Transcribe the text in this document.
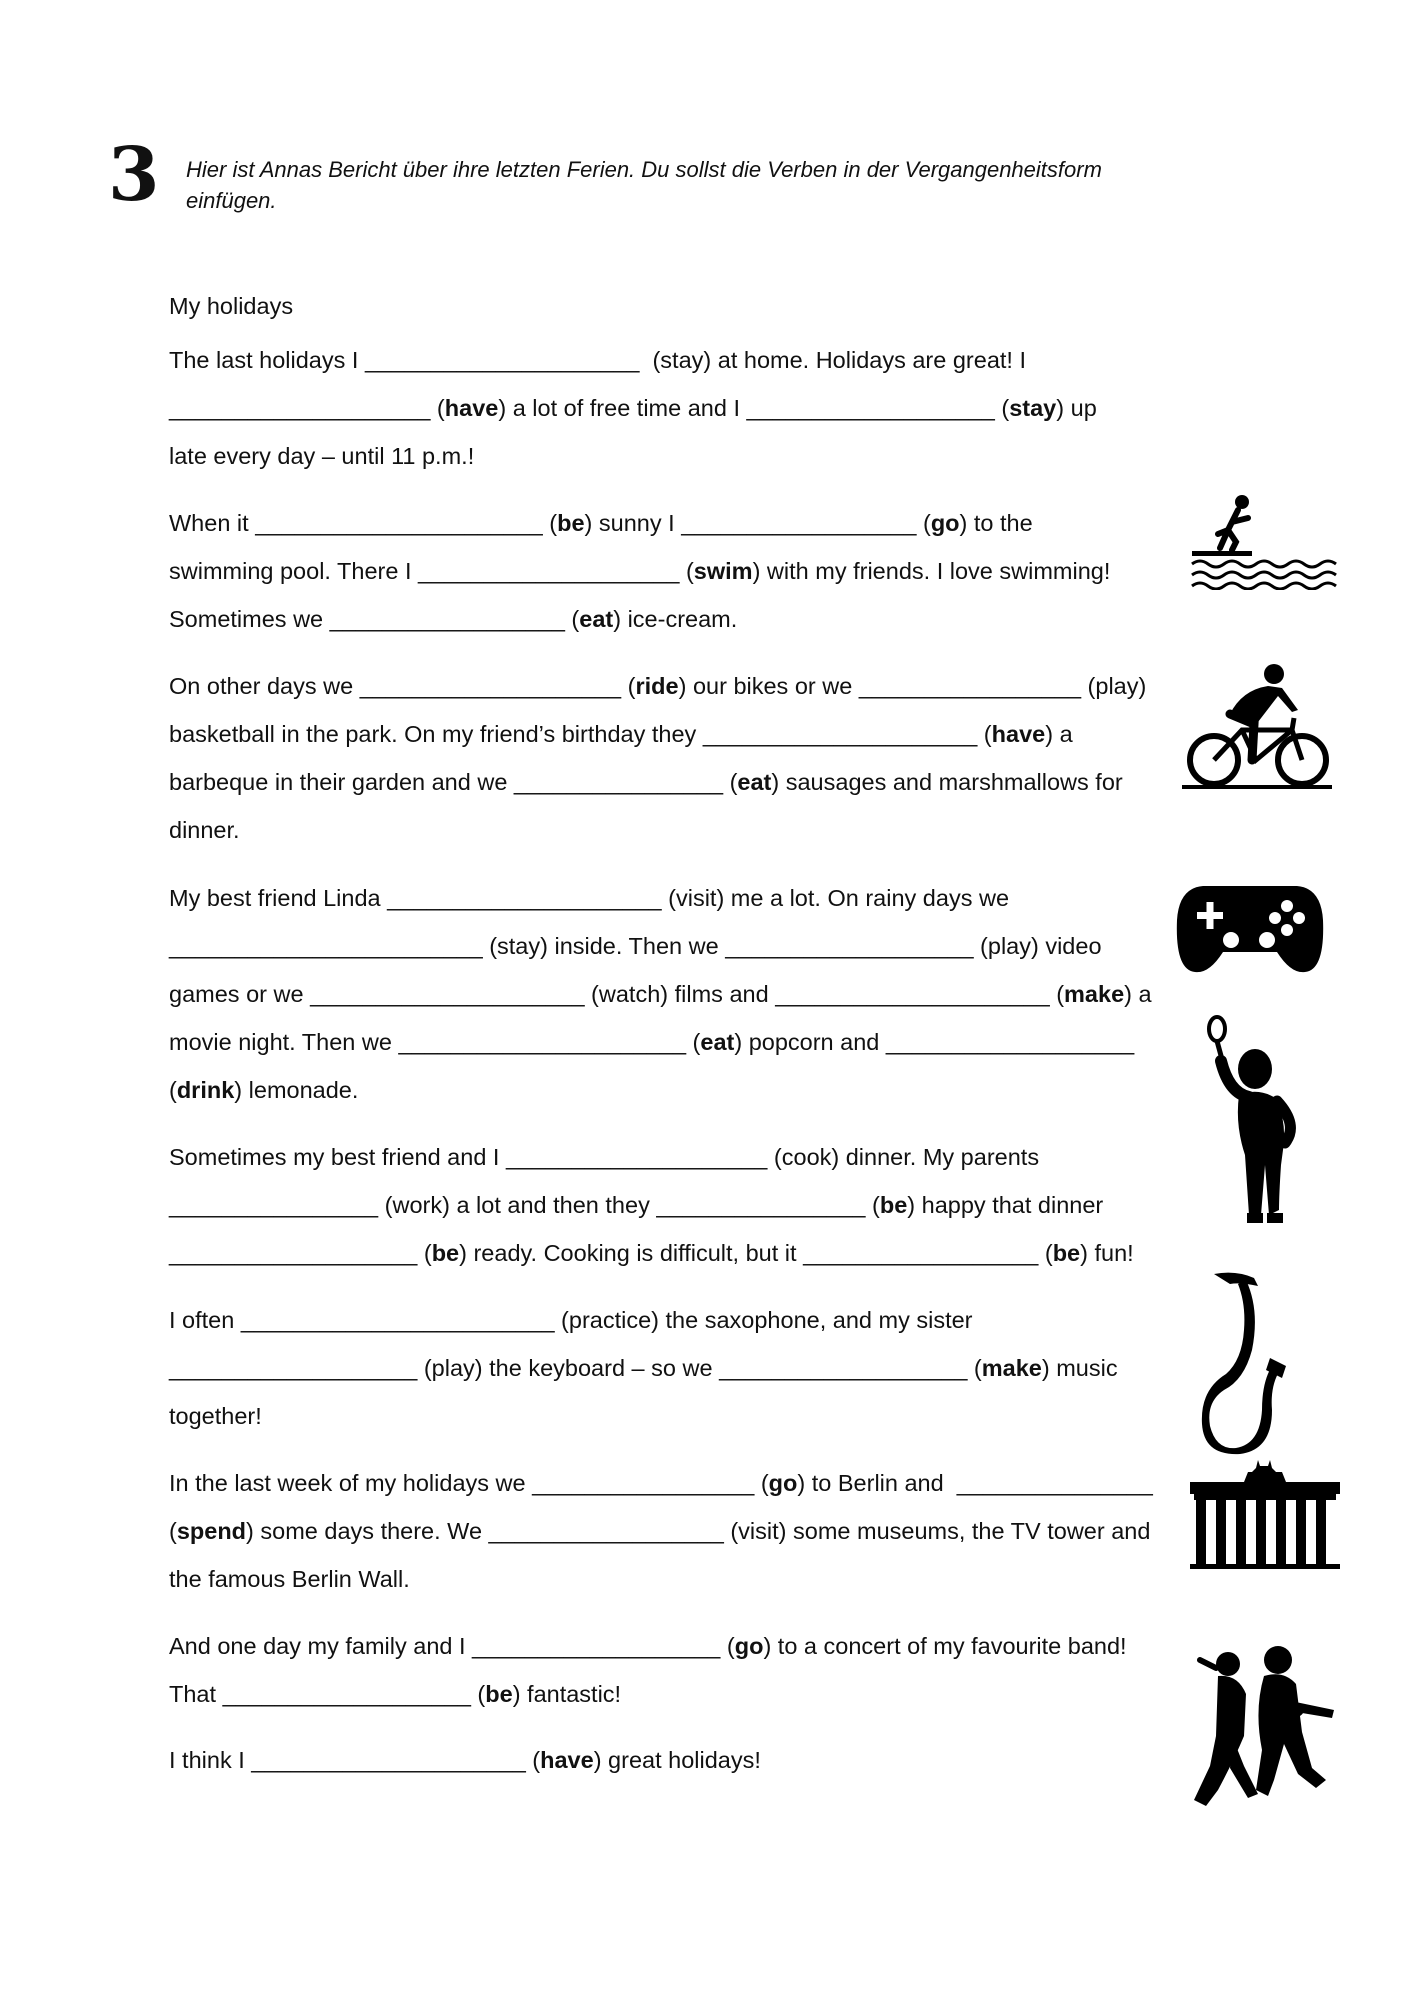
3 Hier ist Annas Bericht über ihre letzten Ferien. Du sollst die Verben in der Vergangenheitsform einfügen.
My holidays

The last holidays I _____________________  (stay) at home. Holidays are great! I

____________________ (have) a lot of free time and I ___________________ (stay) up

late every day – until 11 p.m.!

When it ______________________ (be) sunny I __________________ (go) to the

swimming pool. There I ____________________ (swim) with my friends. I love swimming!

Sometimes we __________________ (eat) ice-cream.

On other days we ____________________ (ride) our bikes or we _________________ (play)

basketball in the park. On my friend’s birthday they _____________________ (have) a

barbeque in their garden and we ________________ (eat) sausages and marshmallows for

dinner.

My best friend Linda _____________________ (visit) me a lot. On rainy days we

________________________ (stay) inside. Then we ___________________ (play) video

games or we _____________________ (watch) films and _____________________ (make) a

movie night. Then we ______________________ (eat) popcorn and ___________________

(drink) lemonade.

Sometimes my best friend and I ____________________ (cook) dinner. My parents

________________ (work) a lot and then they ________________ (be) happy that dinner

___________________ (be) ready. Cooking is difficult, but it __________________ (be) fun!

I often ________________________ (practice) the saxophone, and my sister

___________________ (play) the keyboard – so we ___________________ (make) music

together!

In the last week of my holidays we _________________ (go) to Berlin and  _______________

(spend) some days there. We __________________ (visit) some museums, the TV tower and

the famous Berlin Wall.

And one day my family and I ___________________ (go) to a concert of my favourite band!

That ___________________ (be) fantastic!

I think I _____________________ (have) great holidays!
